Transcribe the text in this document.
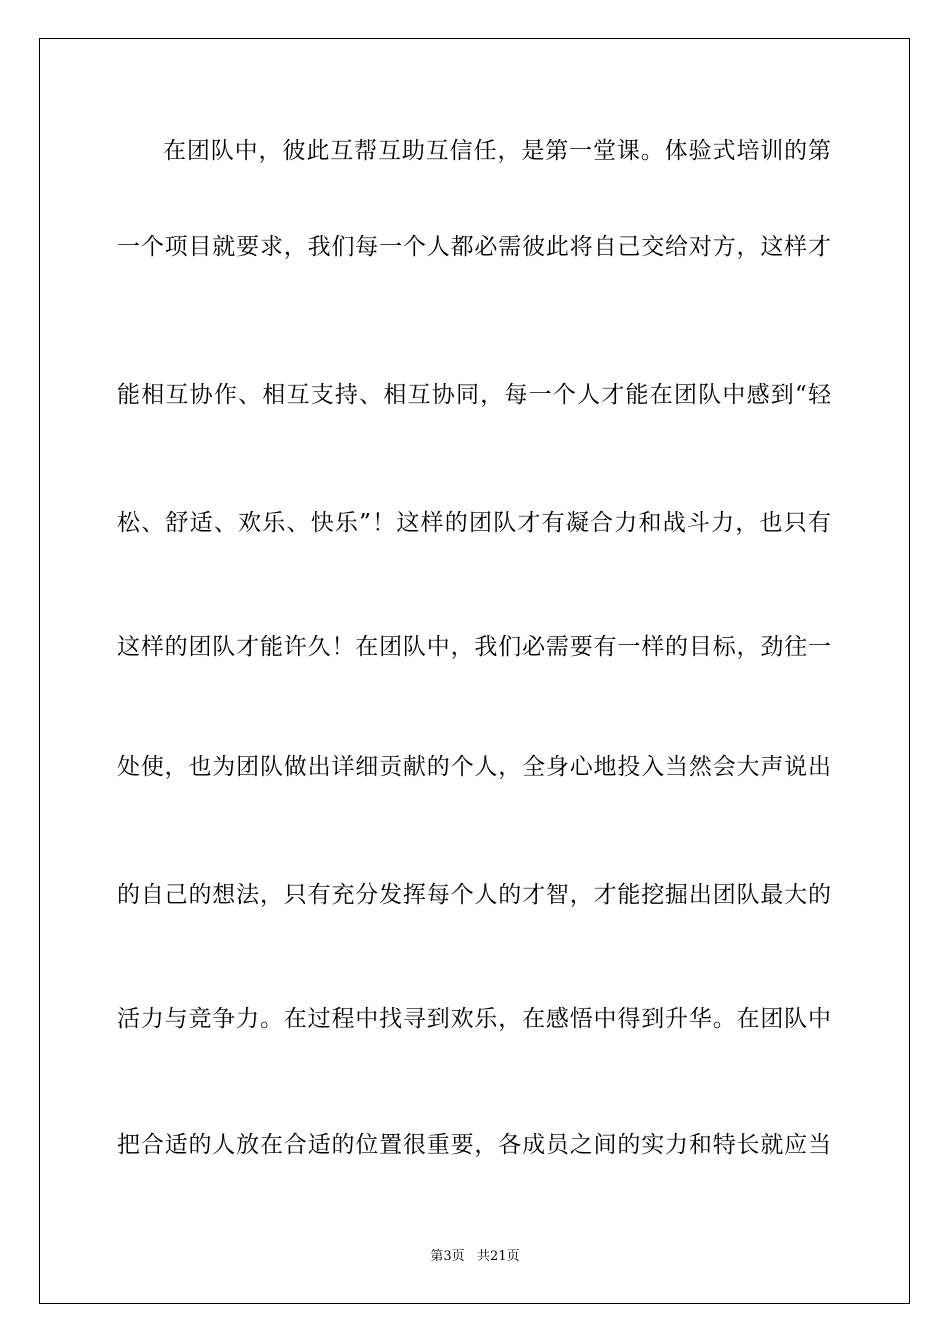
在团队中，彼此互帮互助互信任，是第一堂课。体验式培训的第
一个项目就要求，我们每一个人都必需彼此将自己交给对方，这样才
能相互协作、相互支持、相互协同，每一个人才能在团队中感到“轻
松、舒适、欢乐、快乐”！这样的团队才有凝合力和战斗力，也只有
这样的团队才能许久！在团队中，我们必需要有一样的目标，劲往一
处使，也为团队做出详细贡献的个人，全身心地投入当然会大声说出
的自己的想法，只有充分发挥每个人的才智，才能挖掘出团队最大的
活力与竞争力。在过程中找寻到欢乐，在感悟中得到升华。在团队中
把合适的人放在合适的位置很重要，各成员之间的实力和特长就应当
第3页   共21页
